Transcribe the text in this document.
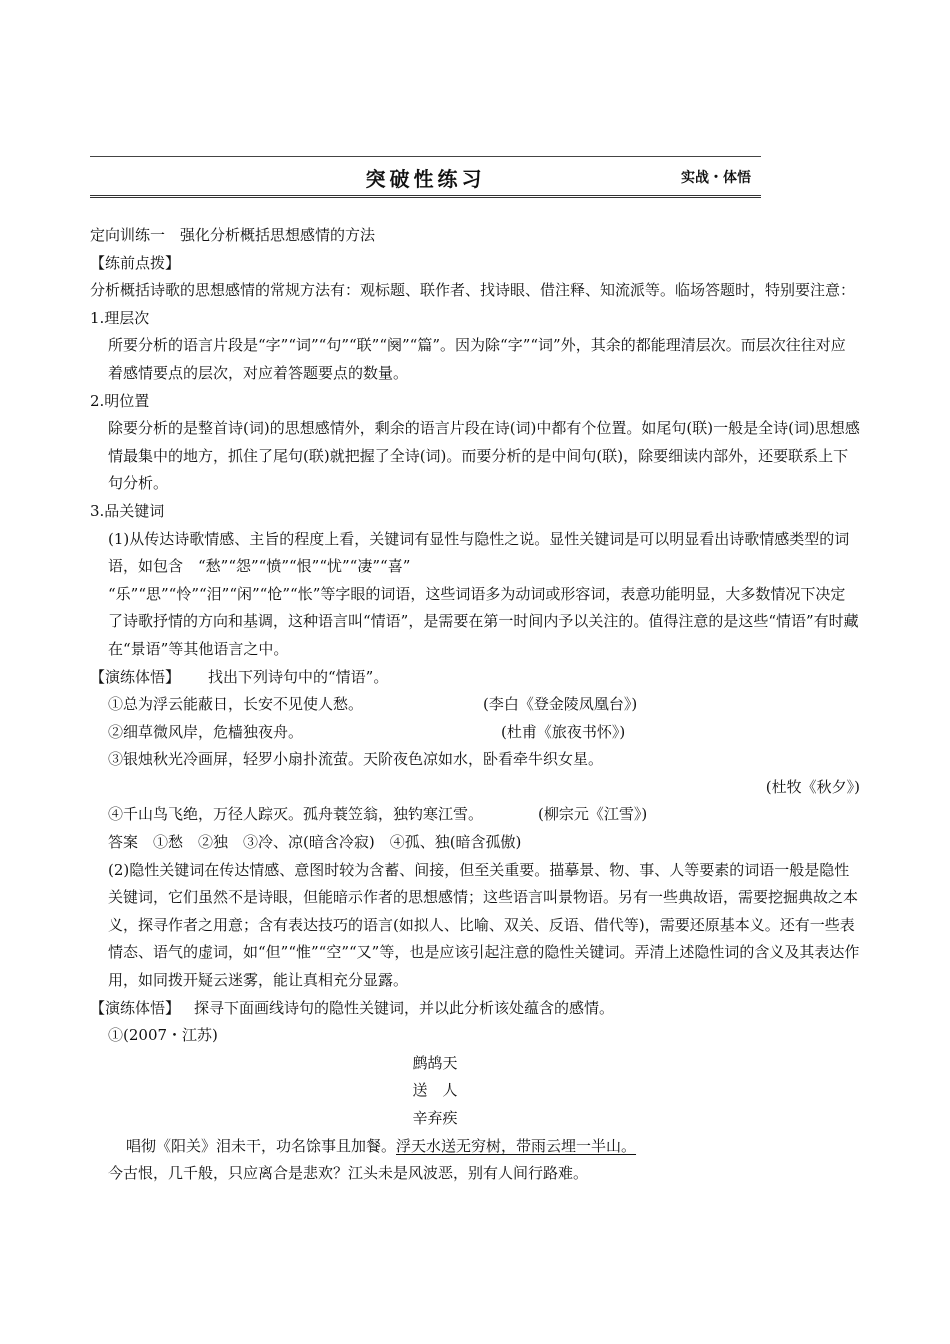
突破性练习	实战・体悟

定向训练一　强化分析概括思想感情的方法

【练前点拨】

分析概括诗歌的思想感情的常规方法有：观标题、联作者、找诗眼、借注释、知流派等。临场答题时，特别要注意：

1.理层次

所要分析的语言片段是“字”“词”“句”“联”“阕”“篇”。因为除“字”“词”外，其余的都能理清层次。而层次往往对应着感情要点的层次，对应着答题要点的数量。

2.明位置

除要分析的是整首诗(词)的思想感情外，剩余的语言片段在诗(词)中都有个位置。如尾句(联)一般是全诗(词)思想感情最集中的地方，抓住了尾句(联)就把握了全诗(词)。而要分析的是中间句(联)，除要细读内部外，还要联系上下句分析。

3.品关键词

(1)从传达诗歌情感、主旨的程度上看，关键词有显性与隐性之说。显性关键词是可以明显看出诗歌情感类型的词语，如包含　“愁”“怨”“愤”“恨”“忧”“凄”“喜”

“乐”“思”“怜”“泪”“闲”“怆”“怅”等字眼的词语，这些词语多为动词或形容词，表意功能明显，大多数情况下决定了诗歌抒情的方向和基调，这种语言叫“情语”，是需要在第一时间内予以关注的。值得注意的是这些“情语”有时藏在“景语”等其他语言之中。

【演练体悟】 找出下列诗句中的“情语”。

①总为浮云能蔽日，长安不见使人愁。	(李白《登金陵凤凰台》)

②细草微风岸，危樯独夜舟。	(杜甫《旅夜书怀》)

③银烛秋光冷画屏，轻罗小扇扑流萤。天阶夜色凉如水，卧看牵牛织女星。

(杜牧《秋夕》)

④千山鸟飞绝，万径人踪灭。孤舟蓑笠翁，独钓寒江雪。	(柳宗元《江雪》)

答案　①愁　②独　③冷、凉(暗含冷寂)　④孤、独(暗含孤傲)

(2)隐性关键词在传达情感、意图时较为含蓄、间接，但至关重要。描摹景、物、事、人等要素的词语一般是隐性关键词，它们虽然不是诗眼，但能暗示作者的思想感情；这些语言叫景物语。另有一些典故语，需要挖掘典故之本义，探寻作者之用意；含有表达技巧的语言(如拟人、比喻、双关、反语、借代等)，需要还原基本义。还有一些表情态、语气的虚词，如“但”“惟”“空”“又”等，也是应该引起注意的隐性关键词。弄清上述隐性词的含义及其表达作用，如同拨开疑云迷雾，能让真相充分显露。

【演练体悟】 探寻下面画线诗句的隐性关键词，并以此分析该处蕴含的感情。

①(2007・江苏)

鹧鸪天

送　人

辛弃疾

唱彻《阳关》泪未干，功名馀事且加餐。浮天水送无穷树，带雨云埋一半山。

今古恨，几千般，只应离合是悲欢？江头未是风波恶，别有人间行路难。
